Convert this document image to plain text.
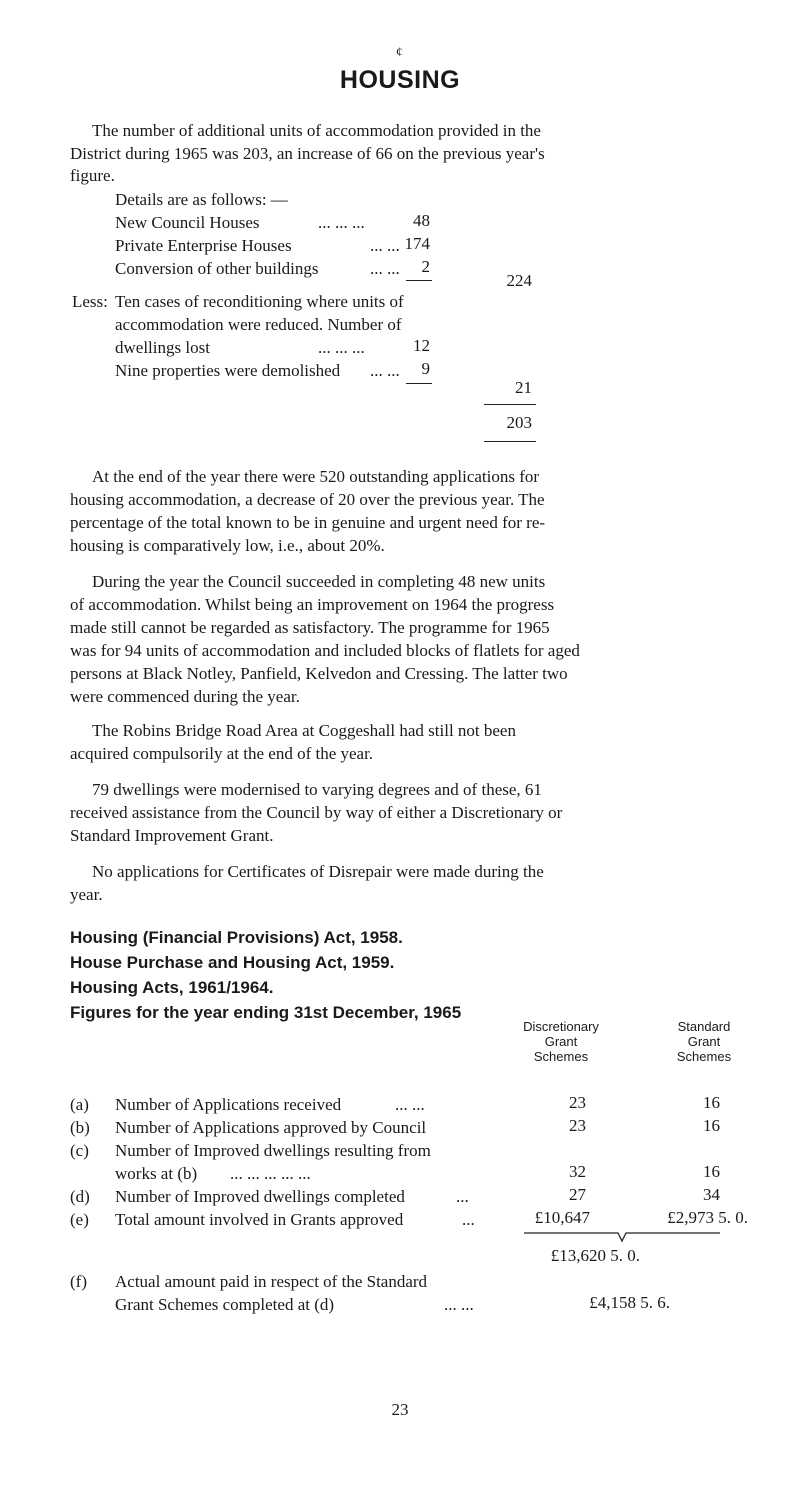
¢
HOUSING
The number of additional units of accommodation provided in the
District during 1965 was 203, an increase of 66 on the previous year's
figure.
Details are as follows: —
New Council Houses	... ... ...	48
Private Enterprise Houses	... ... 174
Conversion of other buildings	... ... 2
224
Less: Ten cases of reconditioning where units of
accommodation were reduced. Number of
dwellings lost	... ... ...	12
Nine properties were demolished ... ... 9
21
203
At the end of the year there were 520 outstanding applications for
housing accommodation, a decrease of 20 over the previous year. The
percentage of the total known to be in genuine and urgent need for re-
housing is comparatively low, i.e., about 20%.
During the year the Council succeeded in completing 48 new units
of accommodation. Whilst being an improvement on 1964 the progress
made still cannot be regarded as satisfactory. The programme for 1965
was for 94 units of accommodation and included blocks of flatlets for aged
persons at Black Notley, Panfield, Kelvedon and Cressing. The latter two
were commenced during the year.
The Robins Bridge Road Area at Coggeshall had still not been
acquired compulsorily at the end of the year.
79 dwellings were modernised to varying degrees and of these, 61
received assistance from the Council by way of either a Discretionary or
Standard Improvement Grant.
No applications for Certificates of Disrepair were made during the
year.
Housing (Financial Provisions) Act, 1958.
House Purchase and Housing Act, 1959.
Housing Acts, 1961/1964.
Figures for the year ending 31st December, 1965
Discretionary
Grant
Schemes
Standard
Grant
Schemes
(a) Number of Applications received	... ...	23	16
(b) Number of Applications approved by Council	23	16
(c) Number of Improved dwellings resulting from
works at (b) ... ... ... ... ...	32	16
(d) Number of Improved dwellings completed	...	27	34
(e) Total amount involved in Grants approved	...	£10,647	£2,973 5. 0.
£13,620 5. 0.
(f) Actual amount paid in respect of the Standard
Grant Schemes completed at (d)	... ...	£4,158 5. 6.
23
